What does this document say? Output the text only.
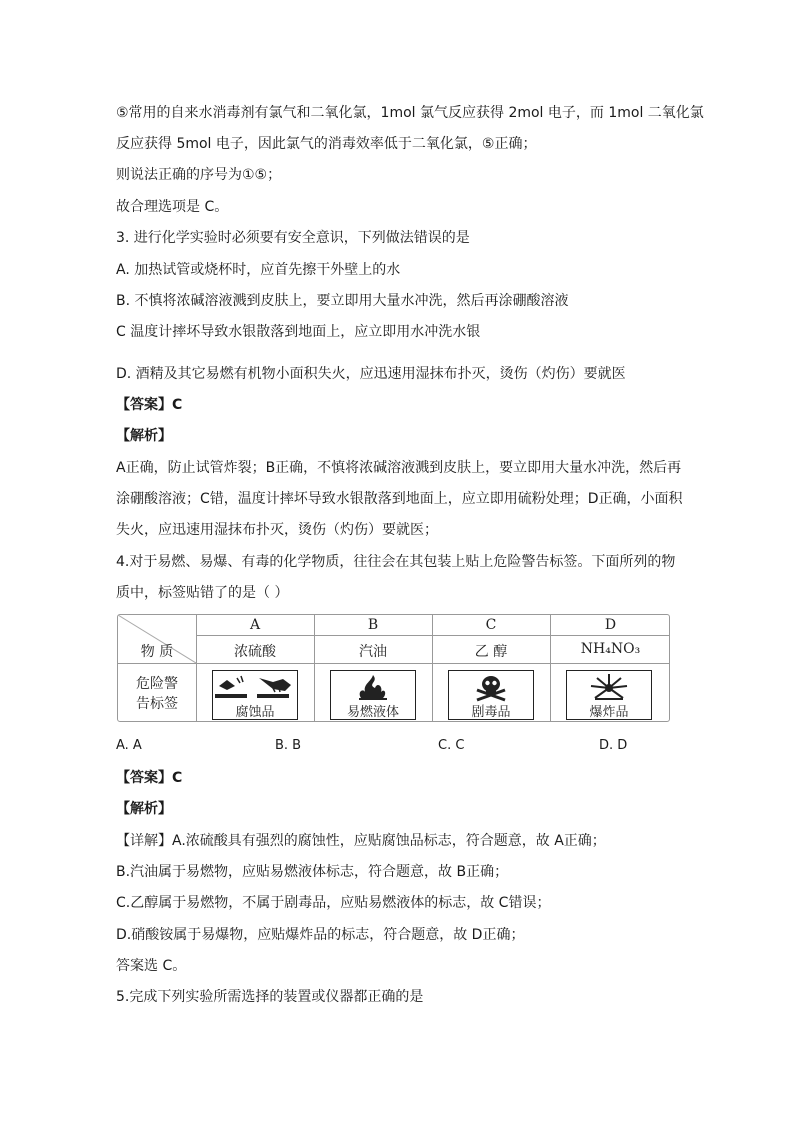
⑤常用的自来水消毒剂有氯气和二氧化氯，1mol 氯气反应获得 2mol 电子，而 1mol 二氧化氯
反应获得 5mol 电子，因此氯气的消毒效率低于二氧化氯，⑤正确；
则说法正确的序号为①⑤；
故合理选项是 C。
3. 进行化学实验时必须要有安全意识，下列做法错误的是
A. 加热试管或烧杯时，应首先擦干外壁上的水
B. 不慎将浓碱溶液溅到皮肤上，要立即用大量水冲洗，然后再涂硼酸溶液
C 温度计摔坏导致水银散落到地面上，应立即用水冲洗水银
D. 酒精及其它易燃有机物小面积失火，应迅速用湿抹布扑灭，烫伤（灼伤）要就医
【答案】C
【解析】
A正确，防止试管炸裂；B正确，不慎将浓碱溶液溅到皮肤上，要立即用大量水冲洗，然后再
涂硼酸溶液；C错，温度计摔坏导致水银散落到地面上，应立即用硫粉处理；D正确，小面积
失火，应迅速用湿抹布扑灭，烫伤（灼伤）要就医；
4.对于易燃、易爆、有毒的化学物质，往往会在其包装上贴上危险警告标签。下面所列的物
质中，标签贴错了的是（ ）
A	B	C	D
物 质	浓硫酸	汽油	乙 醇	NH₄NO₃
危险警
告标签
腐蚀品	易燃液体	剧毒品	爆炸品
A. A	B. B	C. C	D. D
【答案】C
【解析】
【详解】A.浓硫酸具有强烈的腐蚀性，应贴腐蚀品标志，符合题意，故 A正确；
B.汽油属于易燃物，应贴易燃液体标志，符合题意，故 B正确；
C.乙醇属于易燃物，不属于剧毒品，应贴易燃液体的标志，故 C错误；
D.硝酸铵属于易爆物，应贴爆炸品的标志，符合题意，故 D正确；
答案选 C。
5.完成下列实验所需选择的装置或仪器都正确的是
